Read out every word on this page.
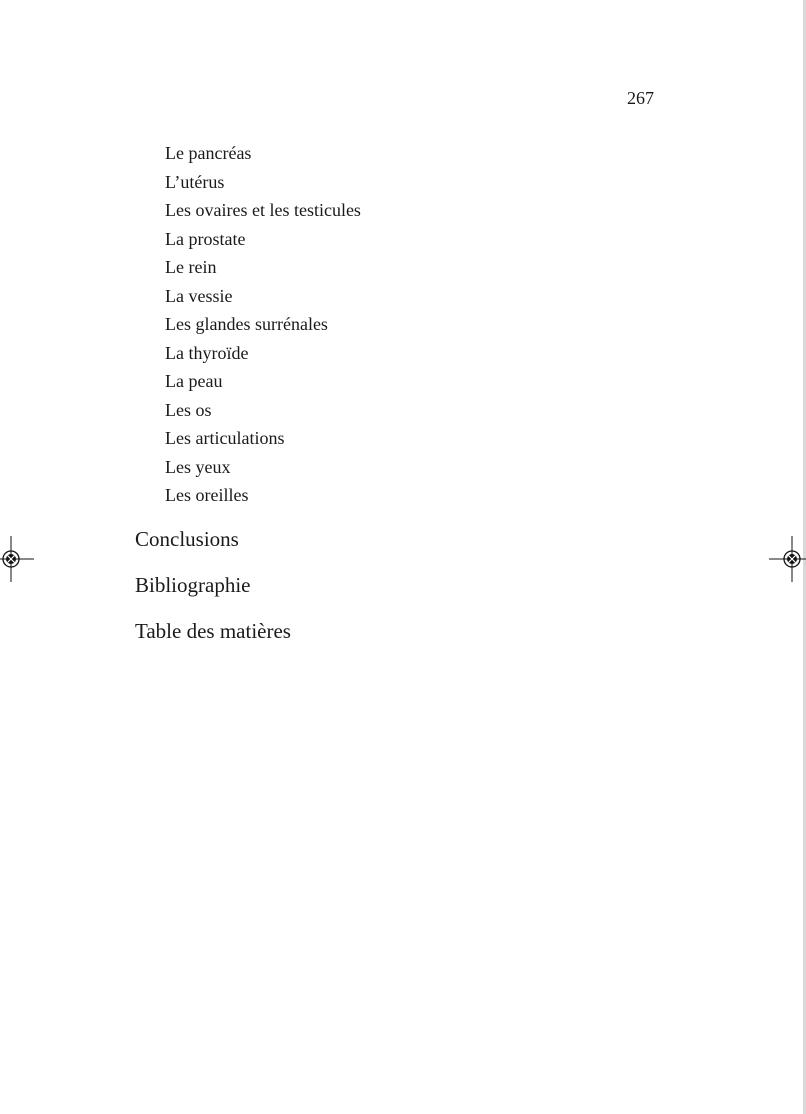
267
Le pancréas
L’utérus
Les ovaires et les testicules
La prostate
Le rein
La vessie
Les glandes surrénales
La thyroïde
La peau
Les os
Les articulations
Les yeux
Les oreilles
Conclusions
Bibliographie
Table des matières
